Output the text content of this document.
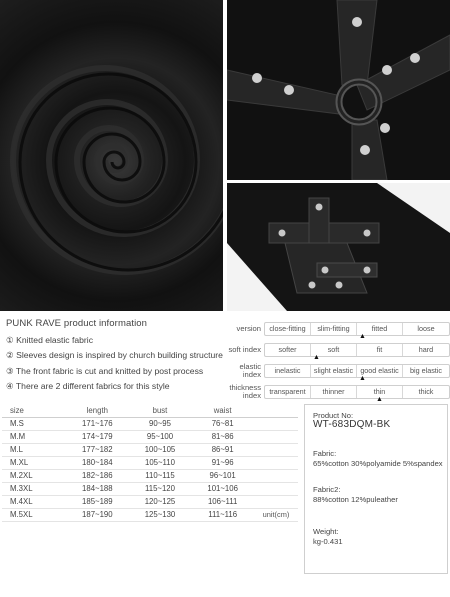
PUNK RAVE product information
① Knitted elastic fabric
② Sleeves design is inspired by church building structure
③ The front fabric is cut and knitted by post process
④ There are 2 different fabrics for this style
version	close-fitting	slim-fitting	fitted	loose
▲
soft index	softer	soft	fit	hard
▲
elastic index	inelastic	slight elastic	good elastic	big elastic
▲
size	length	bust	waist	
M.S	171~176	90~95	76~81	
M.M	174~179	95~100	81~86	
M.L	177~182	100~105	86~91	
M.XL	180~184	105~110	91~96	
M.2XL	182~186	110~115	96~101	
M.3XL	184~188	115~120	101~106	
M.4XL	185~189	120~125	106~111	
M.5XL	187~190	125~130	111~116	unit(cm)
Product No:
WT-683DQM-BK
Fabric:
65%cotton 30%polyamide 5%spandex
Fabric2:
88%cotton 12%puleather
Weight:
kg-0.431
thickness index	transparent	thinner	thin	thick
▲
